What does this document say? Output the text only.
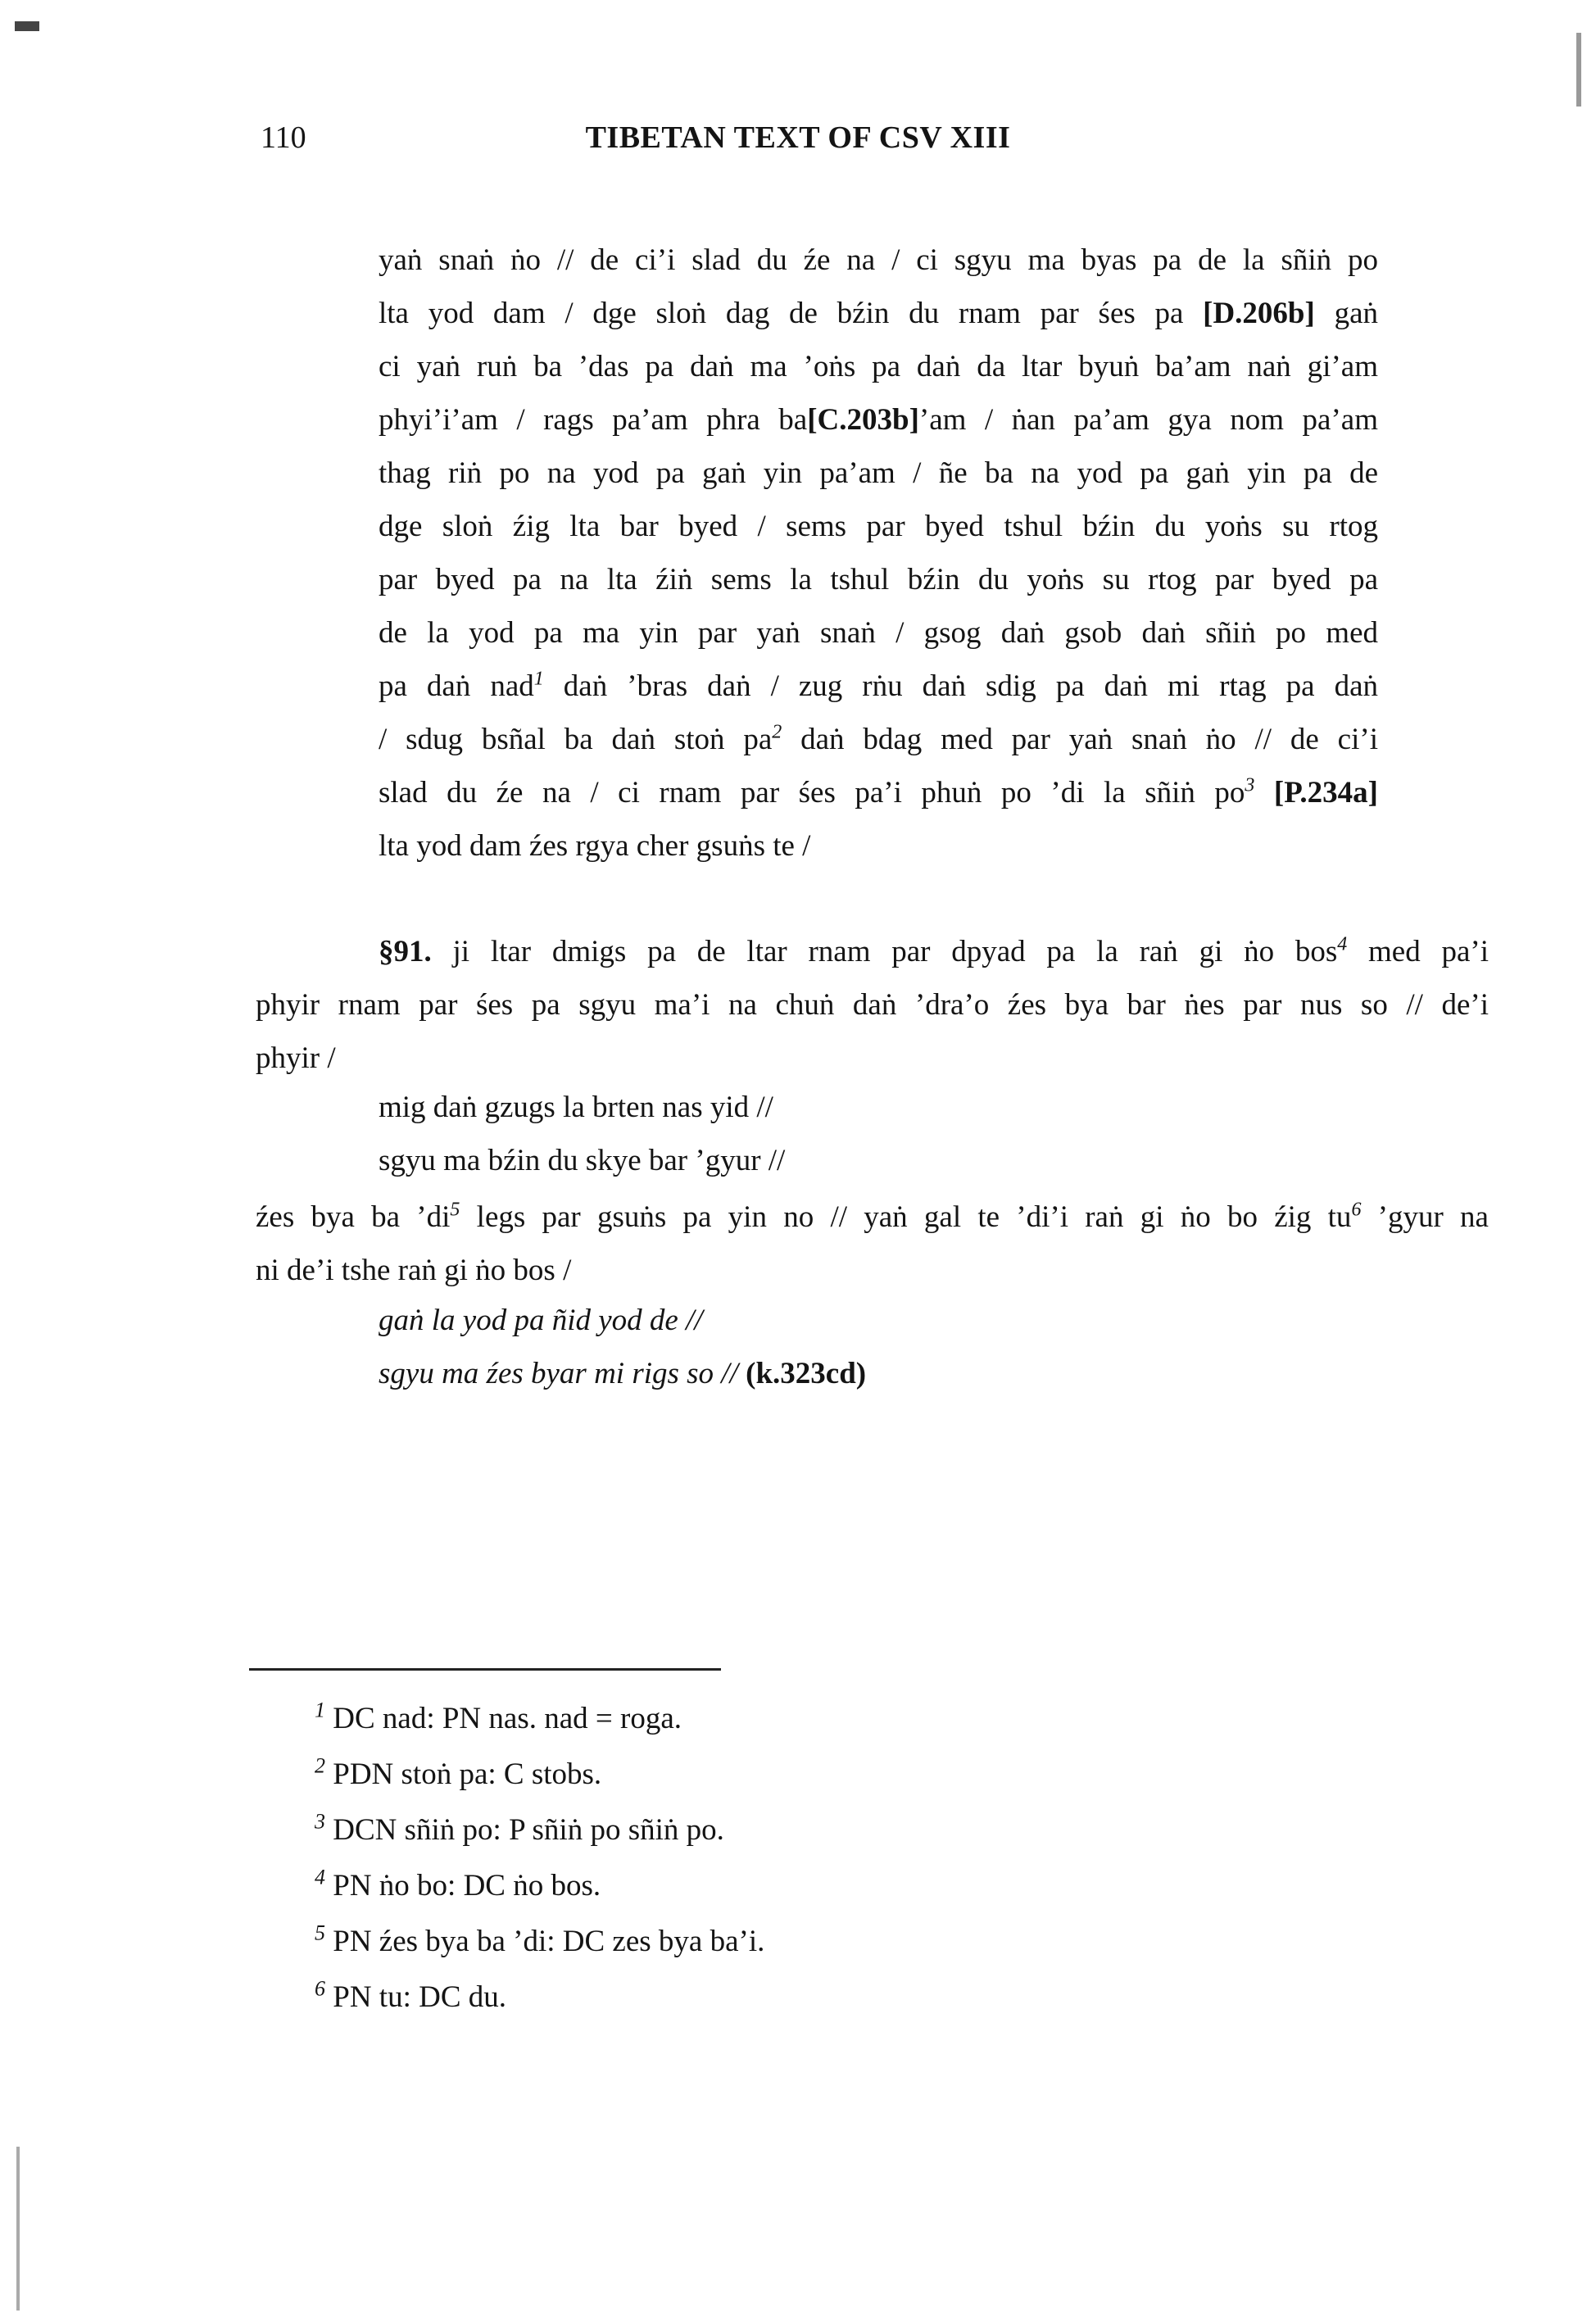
110	TIBETAN TEXT OF CSV XIII
yaṅ snaṅ ṅo // de ci’i slad du źe na / ci sgyu ma byas pa de la sñiṅ po
lta yod dam / dge sloṅ dag de bźin du rnam par śes pa [D.206b] gaṅ
ci yaṅ ruṅ ba ’das pa daṅ ma ’oṅs pa daṅ da ltar byuṅ ba’am naṅ gi’am
phyi’i’am / rags pa’am phra ba[C.203b]’am / ṅan pa’am gya nom pa’am
thag riṅ po na yod pa gaṅ yin pa’am / ñe ba na yod pa gaṅ yin pa de
dge sloṅ źig lta bar byed / sems par byed tshul bźin du yoṅs su rtog
par byed pa na lta źiṅ sems la tshul bźin du yoṅs su rtog par byed pa
de la yod pa ma yin par yaṅ snaṅ / gsog daṅ gsob daṅ sñiṅ po med
pa daṅ nad$^1$ daṅ ’bras daṅ / zug rṅu daṅ sdig pa daṅ mi rtag pa daṅ
/ sdug bsñal ba daṅ stoṅ $pa^2$ daṅ bdag med par yaṅ snaṅ ṅo // de ci’i
slad du źe na / ci rnam par śes pa’i phuṅ po ’di la sñiṅ $po^3$ [P.234a]
lta yod dam źes rgya cher gsuṅs te /
§91. ji ltar dmigs pa de ltar rnam par dpyad pa la raṅ gi ṅo bos$^4$ med pa’i
phyir rnam par śes pa sgyu ma’i na chuṅ daṅ ’dra’o źes bya bar ṅes par nus so // de’i
phyir /
mig daṅ gzugs la brten nas yid //
sgyu ma bźin du skye bar ’gyur //
źes bya ba $’di^5$ legs par gsuṅs pa yin no // yaṅ gal te ’di’i raṅ gi ṅo bo źig $tu^6$ ’gyur na
ni de’i tshe raṅ gi ṅo bos /
gaṅ la yod pa ñid yod de //
sgyu ma źes byar mi rigs so // (k.323cd)
$^1$ DC nad: PN nas. nad = roga.
$^2$ PDN stoṅ pa: C stobs.
$^3$ DCN sñiṅ po: P sñiṅ po sñiṅ po.
$^4$ PN ṅo bo: DC ṅo bos.
$^5$ PN źes bya ba ’di: DC zes bya ba’i.
$^6$ PN tu: DC du.
